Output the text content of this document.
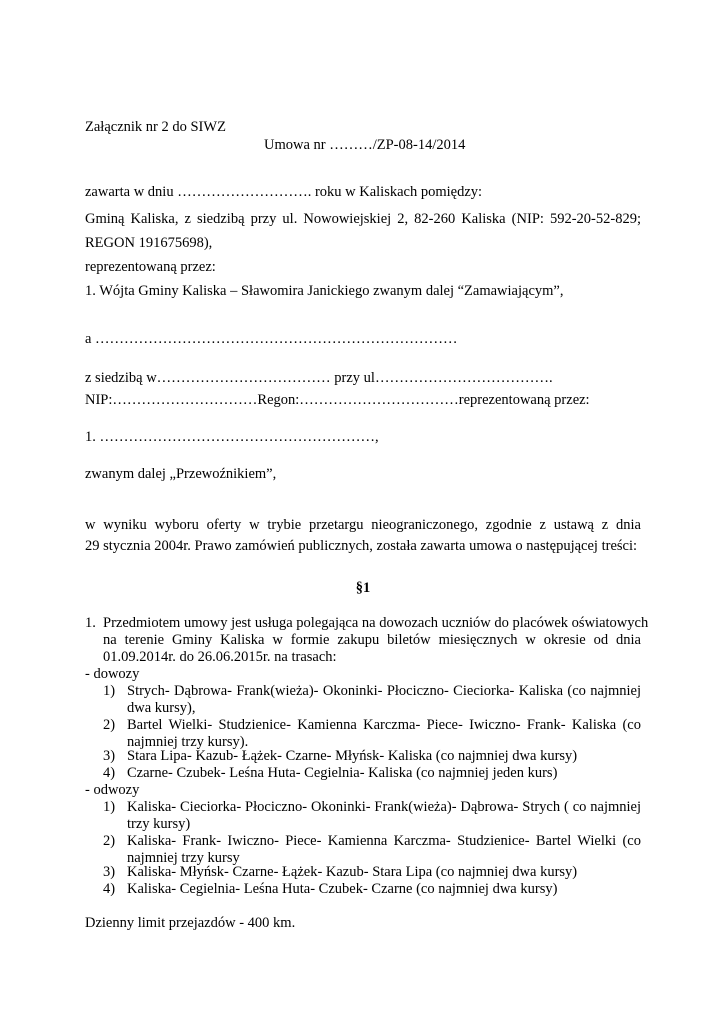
Załącznik nr 2 do SIWZ
Umowa nr ………/ZP-08-14/2014
zawarta w dniu ………………………. roku w Kaliskach pomiędzy:
Gminą Kaliska, z siedzibą przy ul. Nowowiejskiej 2, 82-260 Kaliska (NIP: 592-20-52-829;
REGON 191675698),
reprezentowaną przez:
1. Wójta Gminy Kaliska – Sławomira Janickiego zwanym dalej “Zamawiającym”,
a …………………………………………………………………
z siedzibą w……………………………… przy ul……………………………….
NIP:…………………………Regon:……………………………reprezentowaną przez:
1. …………………………………………………,
zwanym dalej „Przewoźnikiem”,
w wyniku wyboru oferty w trybie przetargu nieograniczonego, zgodnie z ustawą z dnia
29 stycznia 2004r. Prawo zamówień publicznych, została zawarta umowa o następującej treści:
§1
1. Przedmiotem umowy jest usługa polegająca na dowozach uczniów do placówek oświatowych
na terenie Gminy Kaliska w formie zakupu biletów miesięcznych w okresie od dnia
01.09.2014r. do 26.06.2015r. na trasach:
- dowozy
1) Strych- Dąbrowa- Frank(wieża)- Okoninki- Płociczno- Cieciorka- Kaliska (co najmniej
dwa kursy),
2) Bartel Wielki- Studzienice- Kamienna Karczma- Piece- Iwiczno- Frank- Kaliska (co
najmniej trzy kursy).
3) Stara Lipa- Kazub- Łążek- Czarne- Młyńsk- Kaliska (co najmniej dwa kursy)
4) Czarne- Czubek- Leśna Huta- Cegielnia- Kaliska (co najmniej jeden kurs)
- odwozy
1) Kaliska- Cieciorka- Płociczno- Okoninki- Frank(wieża)- Dąbrowa- Strych ( co najmniej
trzy kursy)
2) Kaliska- Frank- Iwiczno- Piece- Kamienna Karczma- Studzienice- Bartel Wielki (co
najmniej trzy kursy
3) Kaliska- Młyńsk- Czarne- Łążek- Kazub- Stara Lipa (co najmniej dwa kursy)
4) Kaliska- Cegielnia- Leśna Huta- Czubek- Czarne (co najmniej dwa kursy)
Dzienny limit przejazdów - 400 km.
